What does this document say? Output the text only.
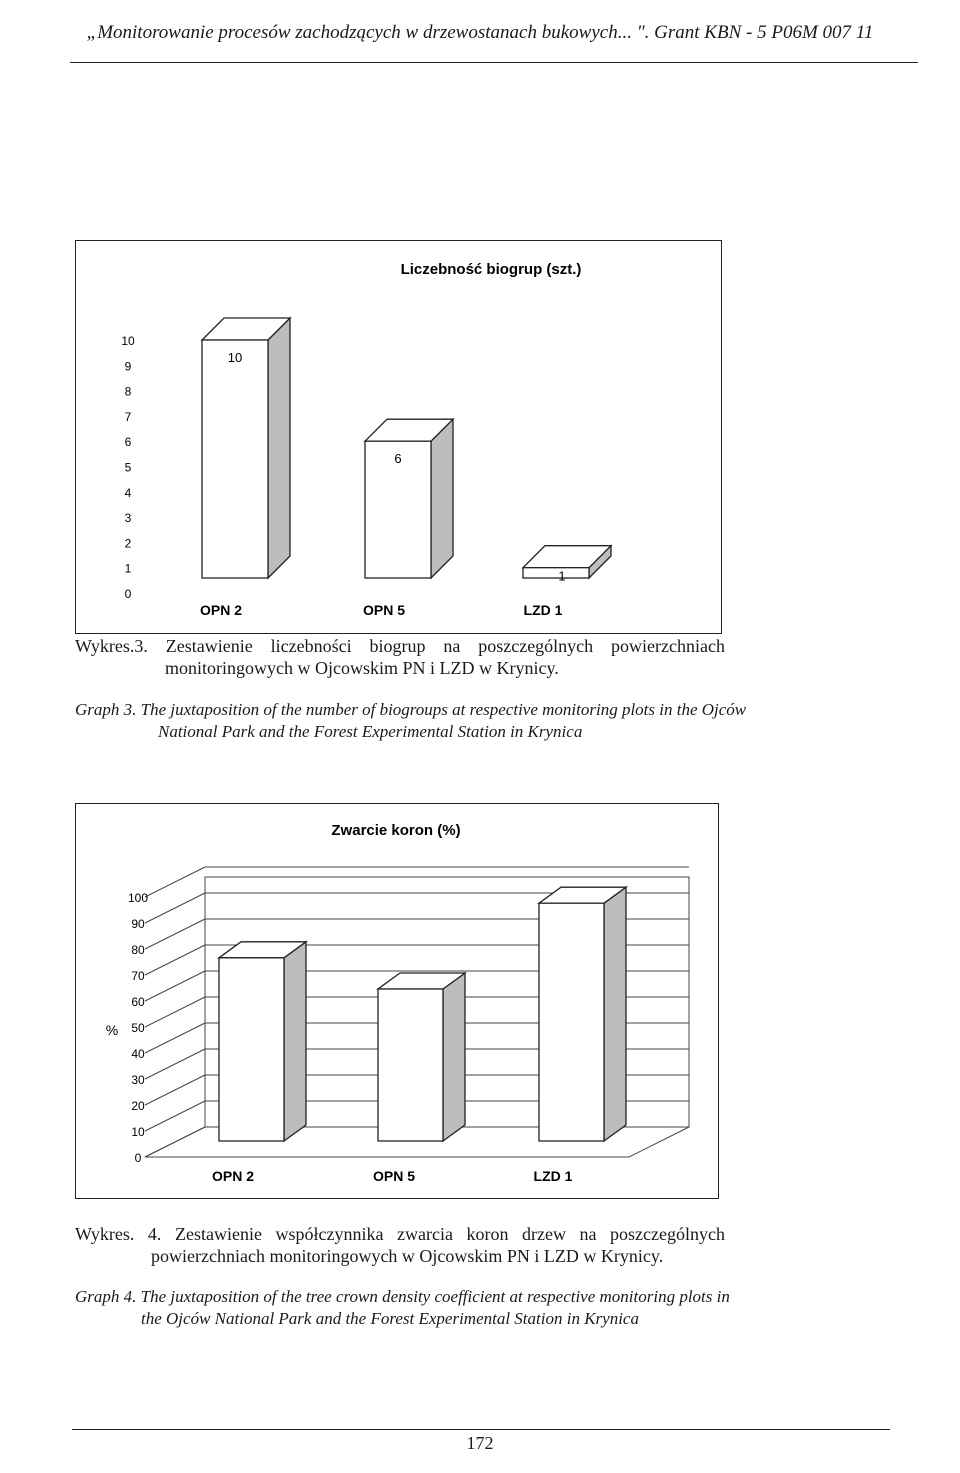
„Monitorowanie procesów zachodzących w drzewostanach bukowych... ". Grant KBN - 5 P06M 007 11
Liczebność biogrup (szt.)
0
1
2
3
4
5
6
7
8
9
10
10
6
1
OPN 2	OPN 5	LZD 1
Wykres.3. Zestawienie liczebności biogrup na poszczególnych powierzchniach
monitoringowych w Ojcowskim PN i LZD w Krynicy.
Graph 3. The juxtaposition of the number of biogroups at respective monitoring plots in the Ojców
National Park and the Forest Experimental Station in Krynica
Zwarcie koron (%)
%
0
10
20
30
40
50
60
70
80
90
100
OPN 2	OPN 5	LZD 1
Wykres. 4. Zestawienie współczynnika zwarcia koron drzew na poszczególnych
powierzchniach monitoringowych w Ojcowskim PN i LZD w Krynicy.
Graph 4. The juxtaposition of the tree crown density coefficient at respective monitoring plots in
the Ojców National Park and the Forest Experimental Station in Krynica
172
